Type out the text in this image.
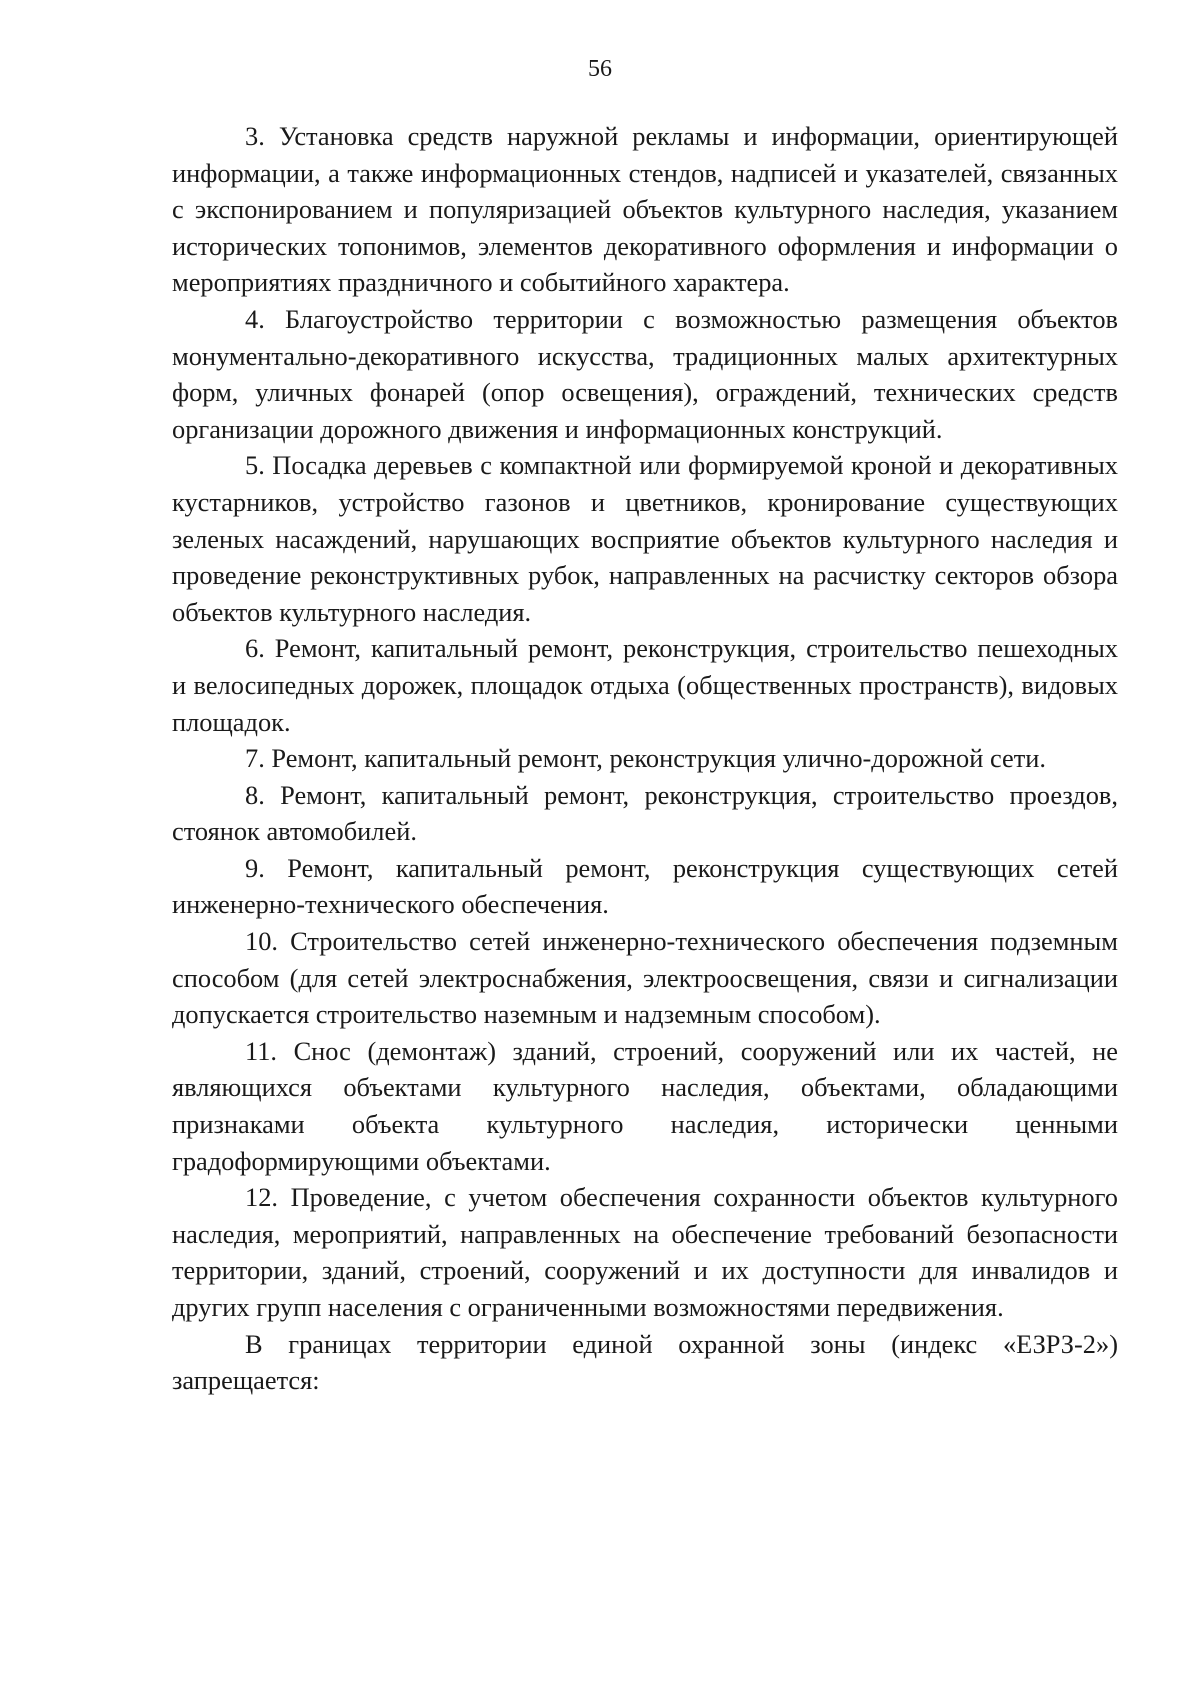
56

3. Установка средств наружной рекламы и информации, ориентирующей информации, а также информационных стендов, надписей и указателей, связанных с экспонированием и популяризацией объектов культурного наследия, указанием исторических топонимов, элементов декоративного оформления и информации о мероприятиях праздничного и событийного характера.

4. Благоустройство территории с возможностью размещения объектов монументально-декоративного искусства, традиционных малых архитектурных форм, уличных фонарей (опор освещения), ограждений, технических средств организации дорожного движения и информационных конструкций.

5. Посадка деревьев с компактной или формируемой кроной и декоративных кустарников, устройство газонов и цветников, кронирование существующих зеленых насаждений, нарушающих восприятие объектов культурного наследия и проведение реконструктивных рубок, направленных на расчистку секторов обзора объектов культурного наследия.

6. Ремонт, капитальный ремонт, реконструкция, строительство пешеходных и велосипедных дорожек, площадок отдыха (общественных пространств), видовых площадок.

7. Ремонт, капитальный ремонт, реконструкция улично-дорожной сети.

8. Ремонт, капитальный ремонт, реконструкция, строительство проездов, стоянок автомобилей.

9. Ремонт, капитальный ремонт, реконструкция существующих сетей инженерно-технического обеспечения.

10. Строительство сетей инженерно-технического обеспечения подземным способом (для сетей электроснабжения, электроосвещения, связи и сигнализации допускается строительство наземным и надземным способом).

11. Снос (демонтаж) зданий, строений, сооружений или их частей, не являющихся объектами культурного наследия, объектами, обладающими признаками объекта культурного наследия, исторически ценными градоформирующими объектами.

12. Проведение, с учетом обеспечения сохранности объектов культурного наследия, мероприятий, направленных на обеспечение требований безопасности территории, зданий, строений, сооружений и их доступности для инвалидов и других групп населения с ограниченными возможностями передвижения.

В границах территории единой охранной зоны (индекс «ЕЗРЗ-2») запрещается:
